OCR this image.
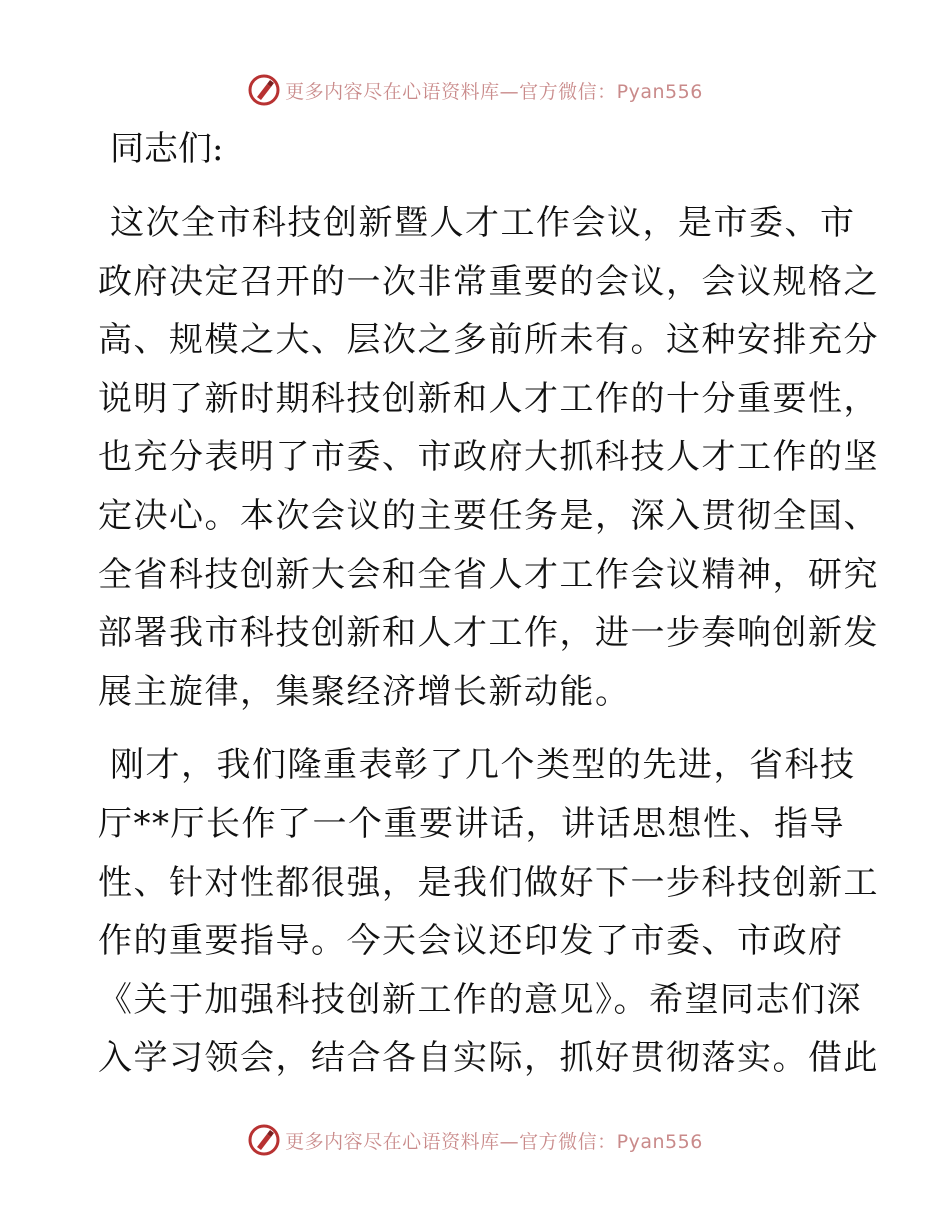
更多内容尽在心语资料库—官方微信：Pyan556
同志们:
这次全市科技创新暨人才工作会议，是市委、市
政府决定召开的一次非常重要的会议，会议规格之
高、规模之大、层次之多前所未有。这种安排充分
说明了新时期科技创新和人才工作的十分重要性，
也充分表明了市委、市政府大抓科技人才工作的坚
定决心。本次会议的主要任务是，深入贯彻全国、
全省科技创新大会和全省人才工作会议精神，研究
部署我市科技创新和人才工作，进一步奏响创新发
展主旋律，集聚经济增长新动能。
刚才，我们隆重表彰了几个类型的先进，省科技
厅**厅长作了一个重要讲话，讲话思想性、指导
性、针对性都很强，是我们做好下一步科技创新工
作的重要指导。今天会议还印发了市委、市政府
《关于加强科技创新工作的意见》。希望同志们深
入学习领会，结合各自实际，抓好贯彻落实。借此
更多内容尽在心语资料库—官方微信：Pyan556
